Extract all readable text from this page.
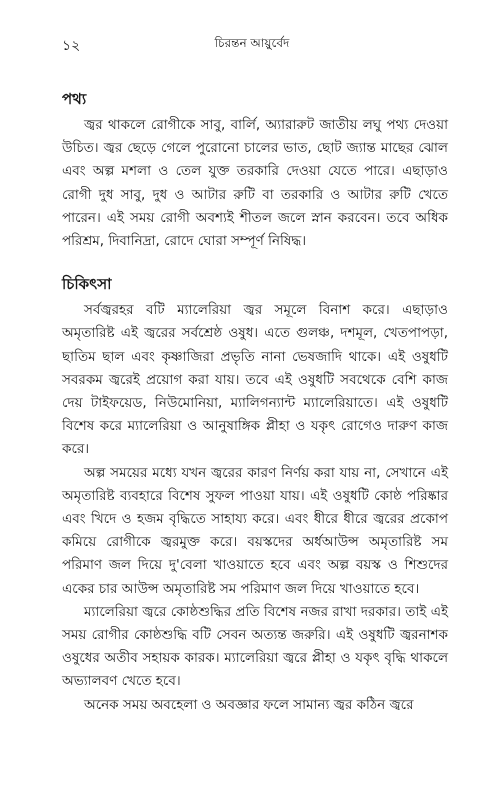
১২	চিরন্তন আয়ুর্বেদ
পথ্য

জ্বর থাকলে রোগীকে সাবু, বার্লি, অ্যারারুট জাতীয় লঘু পথ্য দেওয়া উচিত। জ্বর ছেড়ে গেলে পুরোনো চালের ভাত, ছোট জ্যান্ত মাছের ঝোল এবং অল্প মশলা ও তেল যুক্ত তরকারি দেওয়া যেতে পারে। এছাড়াও রোগী দুধ সাবু, দুধ ও আটার রুটি বা তরকারি ও আটার রুটি খেতে পারেন। এই সময় রোগী অবশ্যই শীতল জলে স্নান করবেন। তবে অধিক পরিশ্রম, দিবানিদ্রা, রোদে ঘোরা সম্পূর্ণ নিষিদ্ধ।

চিকিৎসা

সর্বজ্বরহর বটি ম্যালেরিয়া জ্বর সমূলে বিনাশ করে। এছাড়াও অমৃতারিষ্ট এই জ্বরের সর্বশ্রেষ্ঠ ওষুধ। এতে গুলঞ্চ, দশমূল, খেতপাপড়া, ছাতিম ছাল এবং কৃষ্ণাজিরা প্রভৃতি নানা ভেষজাদি থাকে। এই ওষুধটি সবরকম জ্বরেই প্রয়োগ করা যায়। তবে এই ওষুধটি সবথেকে বেশি কাজ দেয় টাইফয়েড, নিউমোনিয়া, ম্যালিগন্যান্ট ম্যালেরিয়াতে। এই ওষুধটি বিশেষ করে ম্যালেরিয়া ও আনুষাঙ্গিক প্লীহা ও যকৃৎ রোগেও দারুণ কাজ করে।

অল্প সময়ের মধ্যে যখন জ্বরের কারণ নির্ণয় করা যায় না, সেখানে এই অমৃতারিষ্ট ব্যবহারে বিশেষ সুফল পাওয়া যায়। এই ওষুধটি কোষ্ঠ পরিষ্কার এবং খিদে ও হজম বৃদ্ধিতে সাহায্য করে। এবং ধীরে ধীরে জ্বরের প্রকোপ কমিয়ে রোগীকে জ্বরমুক্ত করে। বয়স্কদের অর্ধআউন্স অমৃতারিষ্ট সম পরিমাণ জল দিয়ে দু'বেলা খাওয়াতে হবে এবং অল্প বয়স্ক ও শিশুদের একের চার আউন্স অমৃতারিষ্ট সম পরিমাণ জল দিয়ে খাওয়াতে হবে।

ম্যালেরিয়া জ্বরে কোষ্ঠশুদ্ধির প্রতি বিশেষ নজর রাখা দরকার। তাই এই সময় রোগীর কোষ্ঠশুদ্ধি বটি সেবন অত্যন্ত জরুরি। এই ওষুধটি জ্বরনাশক ওষুধের অতীব সহায়ক কারক। ম্যালেরিয়া জ্বরে প্লীহা ও যকৃৎ বৃদ্ধি থাকলে অভ্যালবণ খেতে হবে।

অনেক সময় অবহেলা ও অবজ্ঞার ফলে সামান্য জ্বর কঠিন জ্বরে
